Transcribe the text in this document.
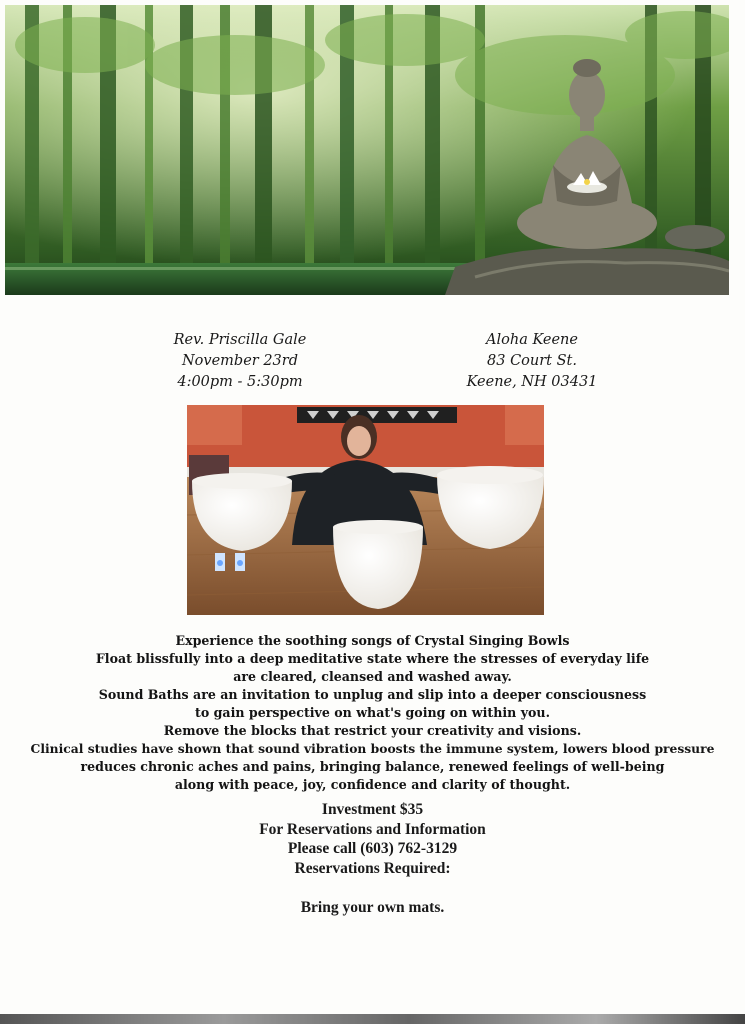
Rev. Priscilla Gale
November 23rd
4:00pm - 5:30pm
Aloha Keene
83 Court St.
Keene, NH 03431
Experience the soothing songs of Crystal Singing Bowls
Float blissfully into a deep meditative state where the stresses of everyday life
are cleared, cleansed and washed away.
Sound Baths are an invitation to unplug and slip into a deeper consciousness
to gain perspective on what's going on within you.
Remove the blocks that restrict your creativity and visions.
Clinical studies have shown that sound vibration boosts the immune system, lowers blood pressure
reduces chronic aches and pains, bringing balance, renewed feelings of well-being
along with peace, joy, confidence and clarity of thought.
Investment $35
For Reservations and Information
Please call (603) 762-3129
Reservations Required:
Bring your own mats.
